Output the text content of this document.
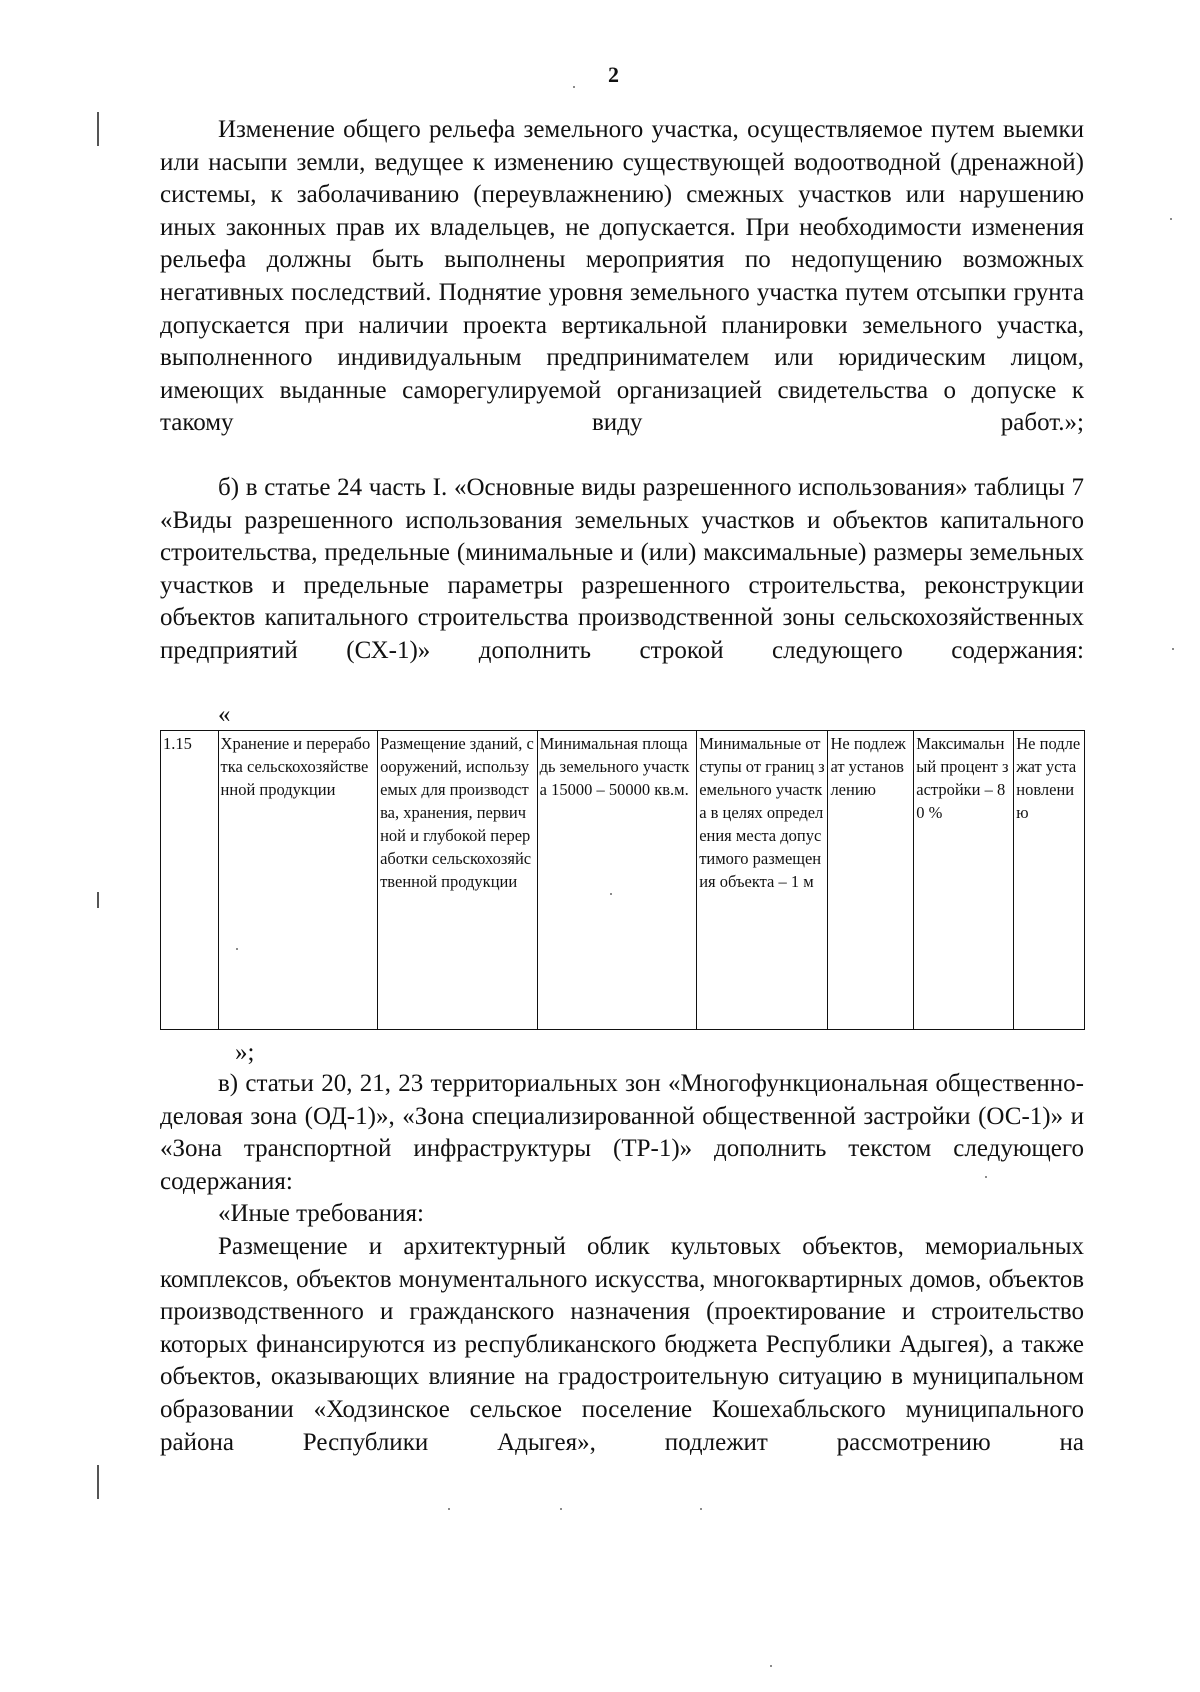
2
Изменение общего рельефа земельного участка, осуществляемое путем выемки или насыпи земли, ведущее к изменению существующей водоотводной (дренажной) системы, к заболачиванию (переувлажнению) смежных участков или нарушению иных законных прав их владельцев, не допускается. При необходимости изменения рельефа должны быть выполнены мероприятия по недопущению возможных негативных последствий. Поднятие уровня земельного участка путем отсыпки грунта допускается при наличии проекта вертикальной планировки земельного участка, выполненного индивидуальным предпринимателем или юридическим лицом, имеющих выданные саморегулируемой организацией свидетельства о допуске к такому виду работ.»;
б) в статье 24 часть I. «Основные виды разрешенного использования» таблицы 7 «Виды разрешенного использования земельных участков и объектов капитального строительства, предельные (минимальные и (или) максимальные) размеры земельных участков и предельные параметры разрешенного строительства, реконструкции объектов капитального строительства производственной зоны сельскохозяйственных предприятий (СХ-1)» дополнить строкой следующего содержания:
«
1.15	Хранение и переработка сельскохозяйственной продукции	Размещение зданий, сооружений, используемых для производства, хранения, первичной и глубокой переработки сельскохозяйственной продукции	Минимальная площадь земельного участка 15000 – 50000 кв.м.	Минимальные отступы от границ земельного участка в целях определения места допустимого размещения объекта – 1 м	Не подлежат установлению	Максимальный процент застройки – 80 %	Не подлежат установлению
»;
в) статьи 20, 21, 23 территориальных зон «Многофункциональная общественно-деловая зона (ОД-1)», «Зона специализированной общественной застройки (ОС-1)» и «Зона транспортной инфраструктуры (ТР-1)» дополнить текстом следующего содержания:
«Иные требования:
Размещение и архитектурный облик культовых объектов, мемориальных комплексов, объектов монументального искусства, многоквартирных домов, объектов производственного и гражданского назначения (проектирование и строительство которых финансируются из республиканского бюджета Республики Адыгея), а также объектов, оказывающих влияние на градостроительную ситуацию в муниципальном образовании «Ходзинское сельское поселение Кошехабльского муниципального района Республики Адыгея», подлежит рассмотрению на
